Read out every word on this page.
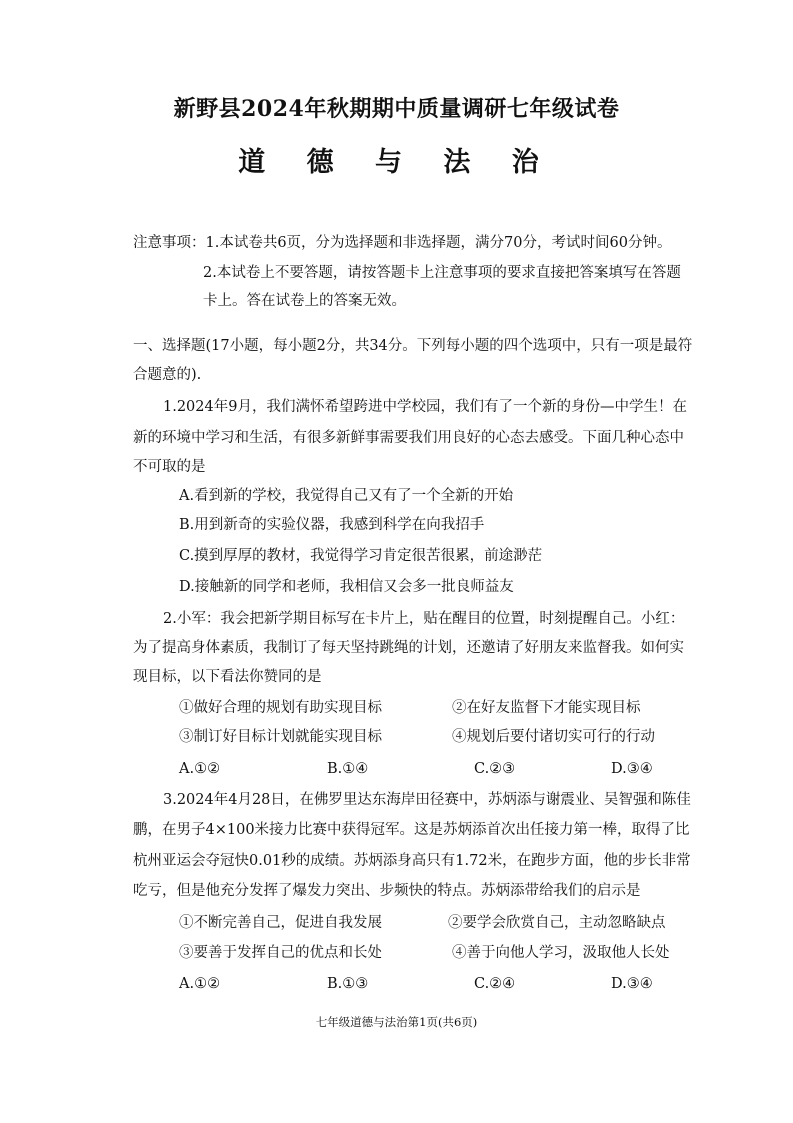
新野县2024年秋期期中质量调研七年级试卷
道 德 与 法 治
注意事项：1.本试卷共6页，分为选择题和非选择题，满分70分，考试时间60分钟。
2.本试卷上不要答题，请按答题卡上注意事项的要求直接把答案填写在答题
卡上。答在试卷上的答案无效。
一、选择题(17小题，每小题2分，共34分。下列每小题的四个选项中，只有一项是最符
合题意的).
1.2024年9月，我们满怀希望跨进中学校园，我们有了一个新的身份—中学生！在
新的环境中学习和生活，有很多新鲜事需要我们用良好的心态去感受。下面几种心态中
不可取的是
A.看到新的学校，我觉得自己又有了一个全新的开始
B.用到新奇的实验仪器，我感到科学在向我招手
C.摸到厚厚的教材，我觉得学习肯定很苦很累，前途渺茫
D.接触新的同学和老师，我相信又会多一批良师益友
2.小军：我会把新学期目标写在卡片上，贴在醒目的位置，时刻提醒自己。小红：
为了提高身体素质，我制订了每天坚持跳绳的计划，还邀请了好朋友来监督我。如何实
现目标，以下看法你赞同的是
①做好合理的规划有助实现目标	②在好友监督下才能实现目标
③制订好目标计划就能实现目标	④规划后要付诸切实可行的行动
A.①②	B.①④	C.②③	D.③④
3.2024年4月28日，在佛罗里达东海岸田径赛中，苏炳添与谢震业、吴智强和陈佳
鹏，在男子4×100米接力比赛中获得冠军。这是苏炳添首次出任接力第一棒，取得了比
杭州亚运会夺冠快0.01秒的成绩。苏炳添身高只有1.72米，在跑步方面，他的步长非常
吃亏，但是他充分发挥了爆发力突出、步频快的特点。苏炳添带给我们的启示是
①不断完善自己，促进自我发展	②要学会欣赏自己，主动忽略缺点
③要善于发挥自己的优点和长处	④善于向他人学习，汲取他人长处
A.①②	B.①③	C.②④	D.③④
七年级道德与法治第1页(共6页)
